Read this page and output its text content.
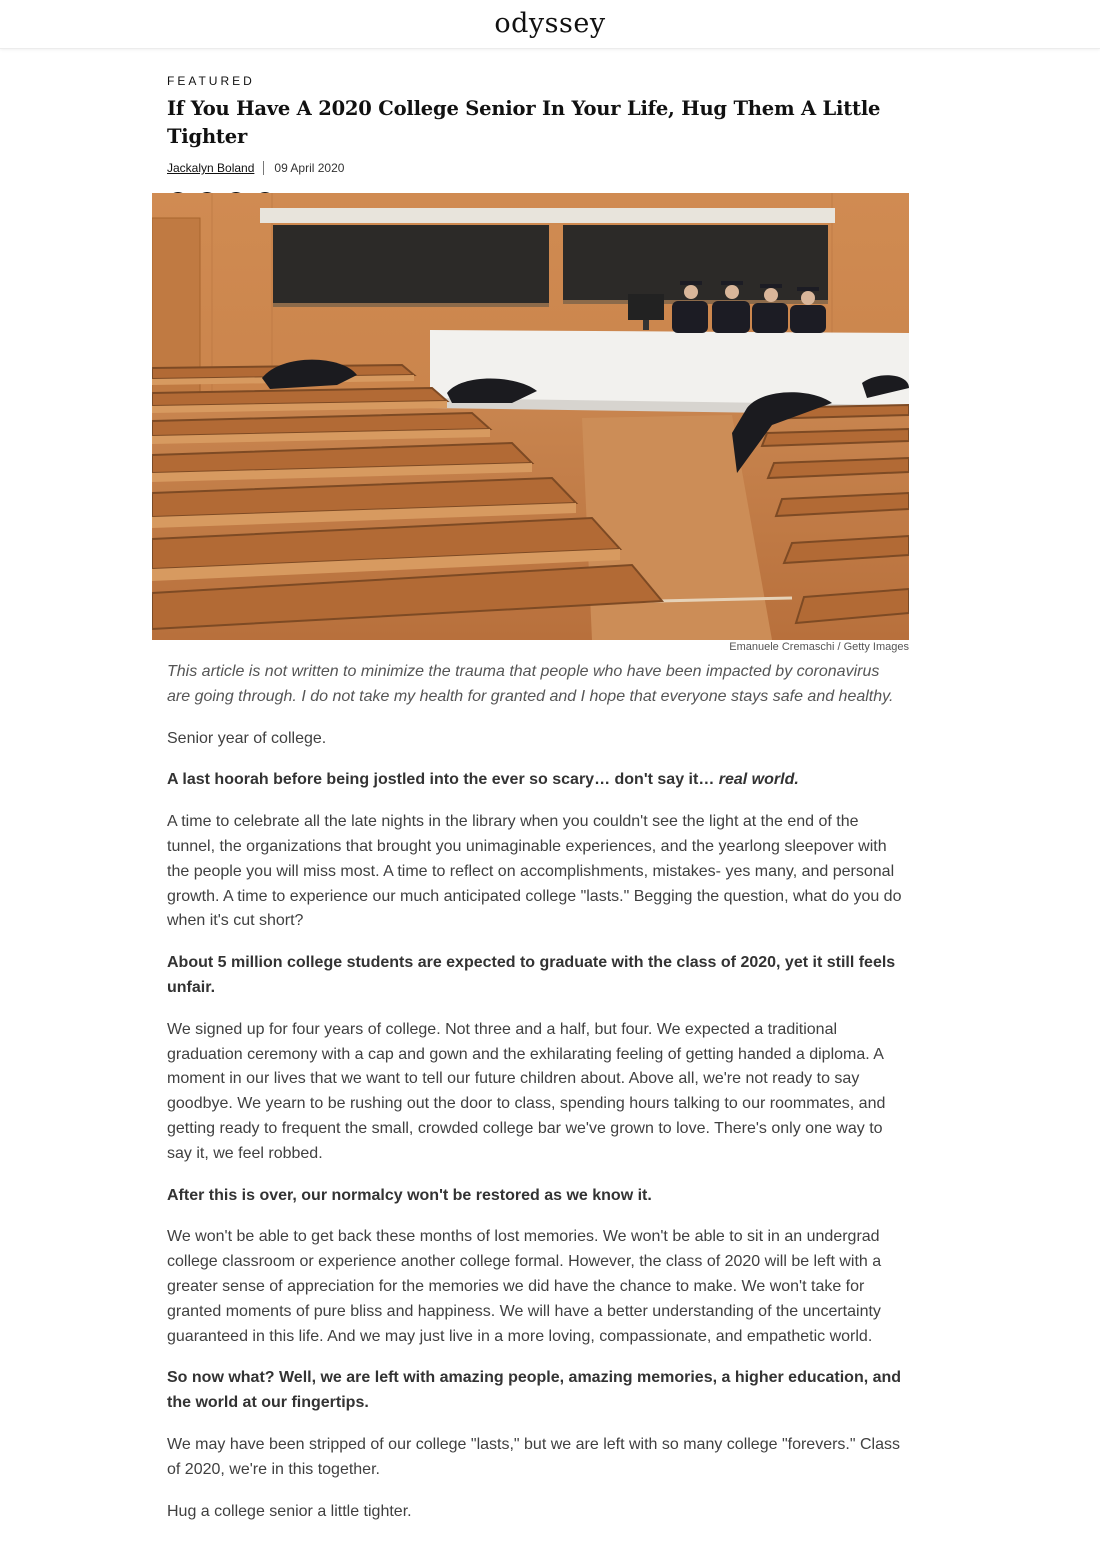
odyssey
FEATURED
If You Have A 2020 College Senior In Your Life, Hug Them A Little Tighter
Jackalyn Boland 09 April 2020
Emanuele Cremaschi / Getty Images

This article is not written to minimize the trauma that people who have been impacted by coronavirus are going through. I do not take my health for granted and I hope that everyone stays safe and healthy.

Senior year of college.

A last hoorah before being jostled into the ever so scary… don't say it… real world.

A time to celebrate all the late nights in the library when you couldn't see the light at the end of the tunnel, the organizations that brought you unimaginable experiences, and the yearlong sleepover with the people you will miss most. A time to reflect on accomplishments, mistakes- yes many, and personal growth. A time to experience our much anticipated college "lasts." Begging the question, what do you do when it's cut short?

About 5 million college students are expected to graduate with the class of 2020, yet it still feels unfair.

We signed up for four years of college. Not three and a half, but four. We expected a traditional graduation ceremony with a cap and gown and the exhilarating feeling of getting handed a diploma. A moment in our lives that we want to tell our future children about. Above all, we're not ready to say goodbye. We yearn to be rushing out the door to class, spending hours talking to our roommates, and getting ready to frequent the small, crowded college bar we've grown to love. There's only one way to say it, we feel robbed.

After this is over, our normalcy won't be restored as we know it.

We won't be able to get back these months of lost memories. We won't be able to sit in an undergrad college classroom or experience another college formal. However, the class of 2020 will be left with a greater sense of appreciation for the memories we did have the chance to make. We won't take for granted moments of pure bliss and happiness. We will have a better understanding of the uncertainty guaranteed in this life. And we may just live in a more loving, compassionate, and empathetic world.

So now what? Well, we are left with amazing people, amazing memories, a higher education, and the world at our fingertips.

We may have been stripped of our college "lasts," but we are left with so many college "forevers." Class of 2020, we're in this together.

Hug a college senior a little tighter.
